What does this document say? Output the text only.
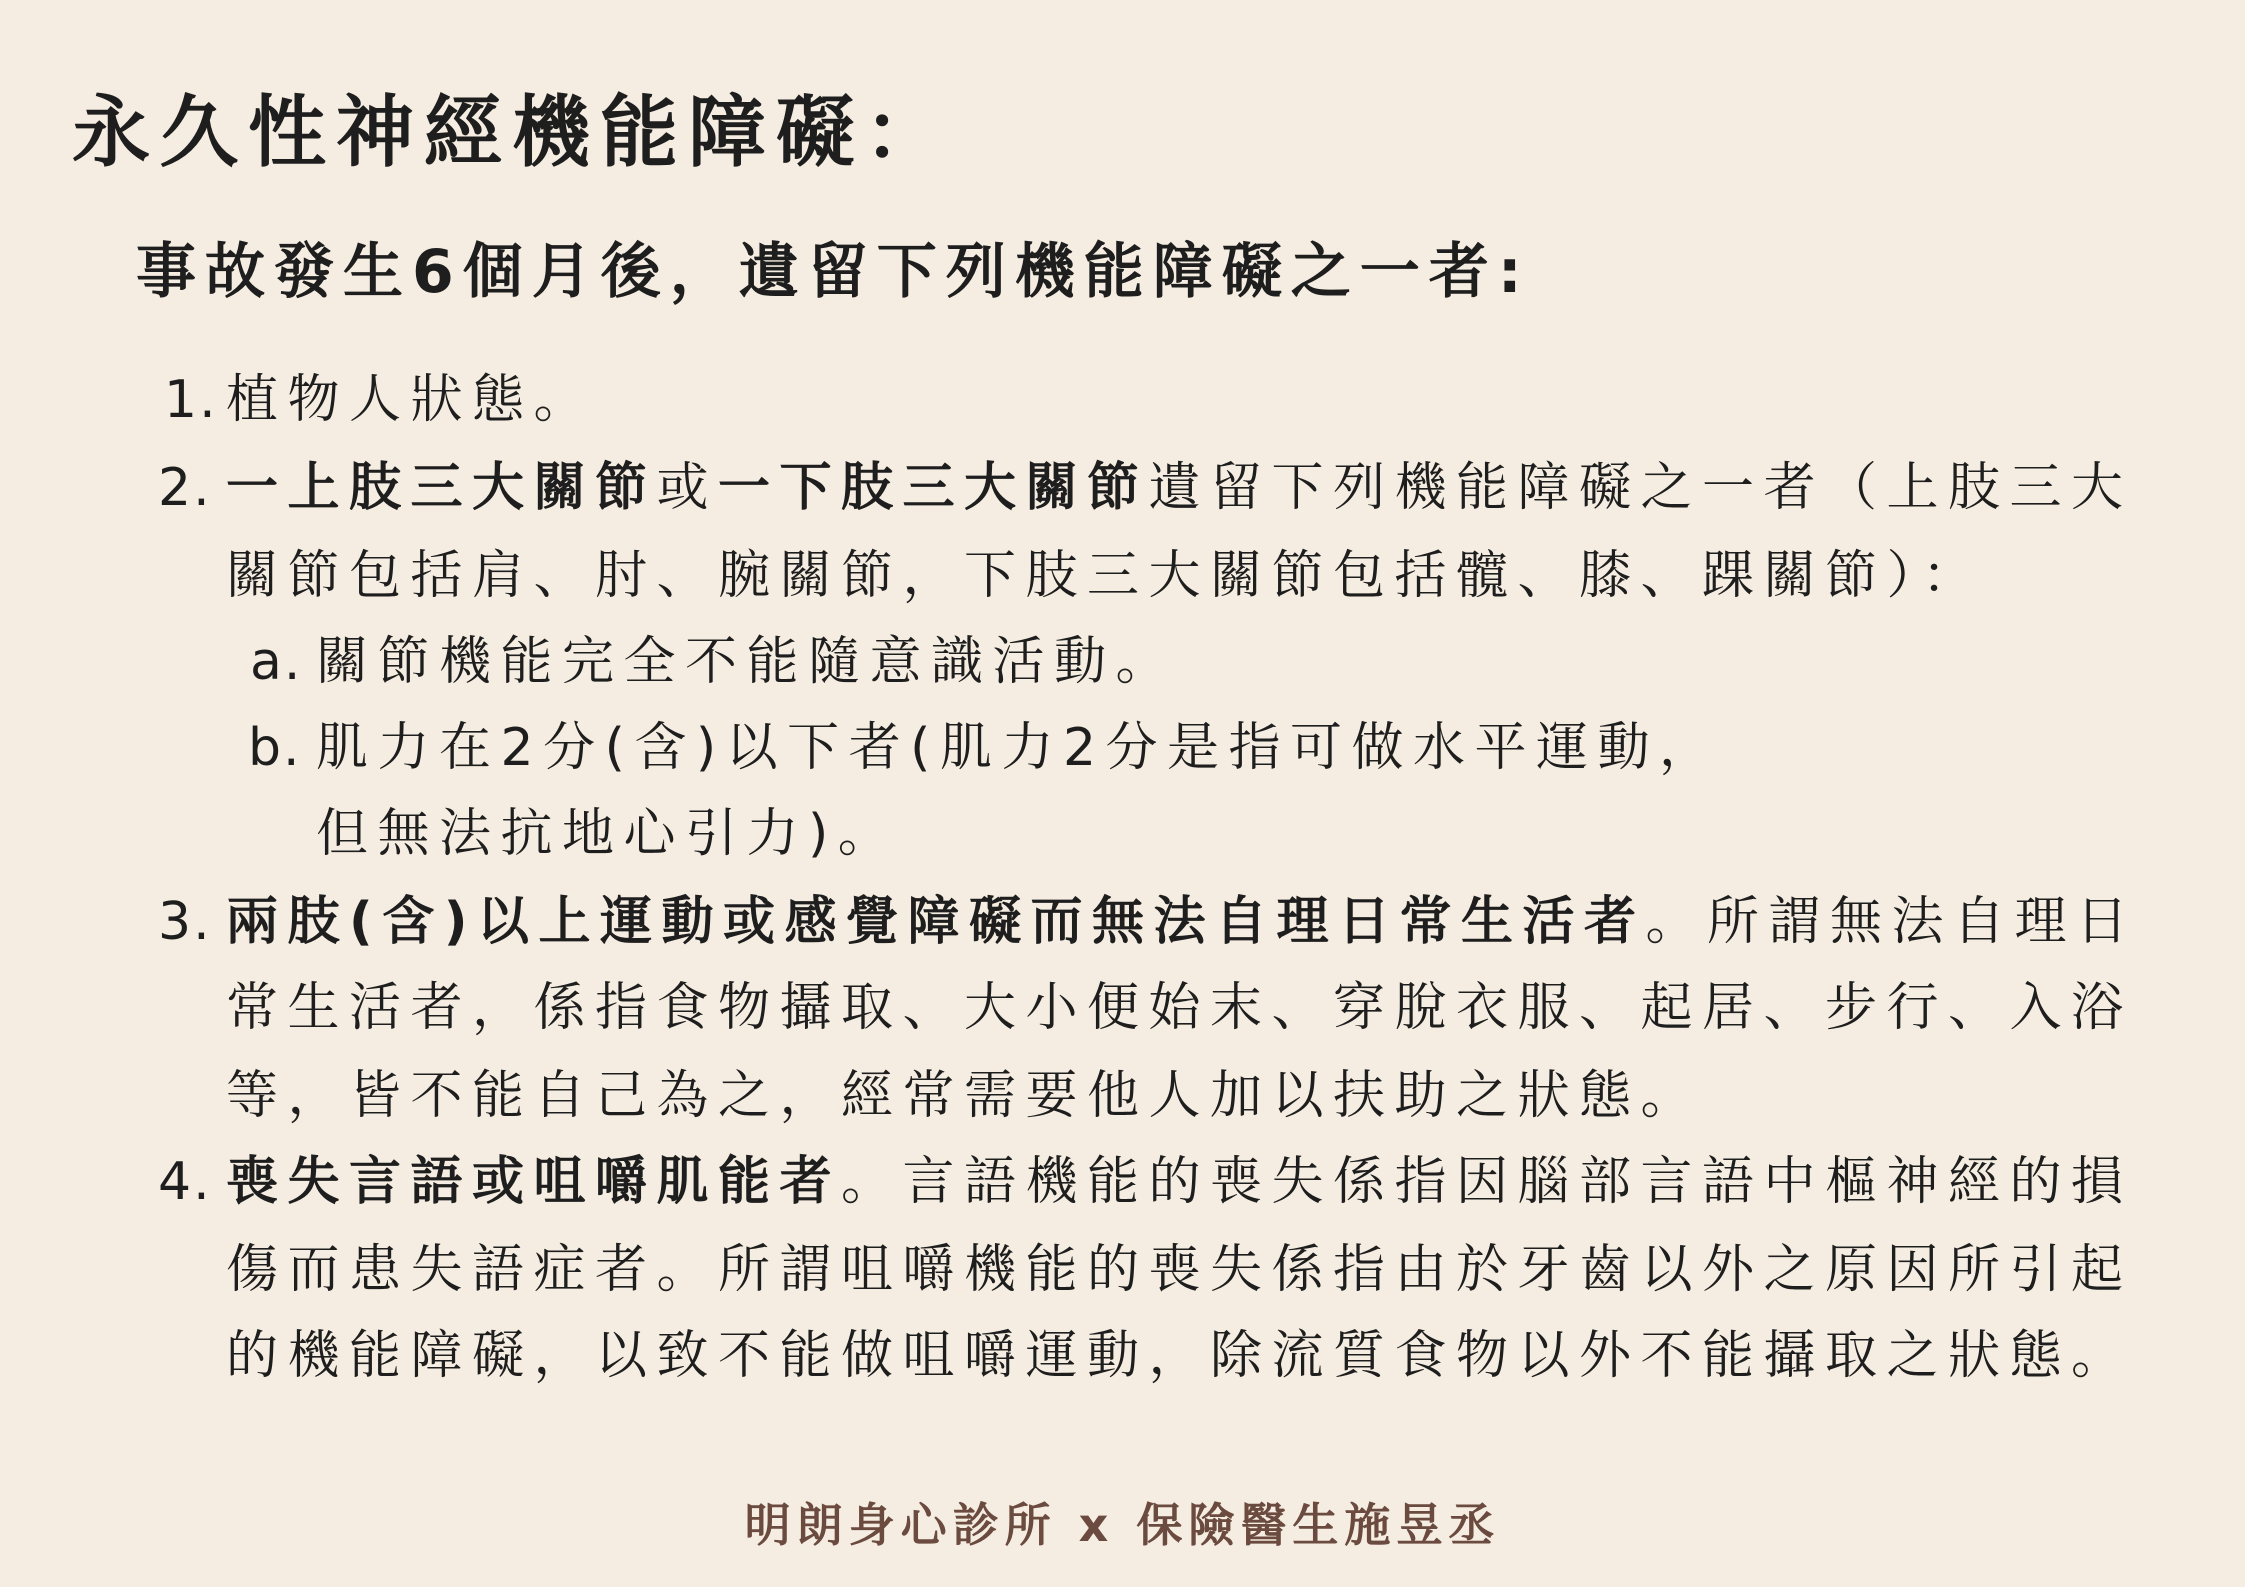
永久性神經機能障礙：
事故發生6個月後，遺留下列機能障礙之一者:
1. 植物人狀態。
2. 一上肢三大關節或一下肢三大關節遺留下列機能障礙之一者（上肢三大
關節包括肩、肘、腕關節，下肢三大關節包括髖、膝、踝關節）：
a. 關節機能完全不能隨意識活動。
b. 肌力在2分(含)以下者(肌力2分是指可做水平運動，
但無法抗地心引力)。
3. 兩肢(含)以上運動或感覺障礙而無法自理日常生活者。所謂無法自理日
常生活者，係指食物攝取、大小便始末、穿脫衣服、起居、步行、入浴
等，皆不能自己為之，經常需要他人加以扶助之狀態。
4. 喪失言語或咀嚼肌能者。言語機能的喪失係指因腦部言語中樞神經的損
傷而患失語症者。所謂咀嚼機能的喪失係指由於牙齒以外之原因所引起
的機能障礙，以致不能做咀嚼運動，除流質食物以外不能攝取之狀態。
明朗身心診所 x 保險醫生施昱丞
